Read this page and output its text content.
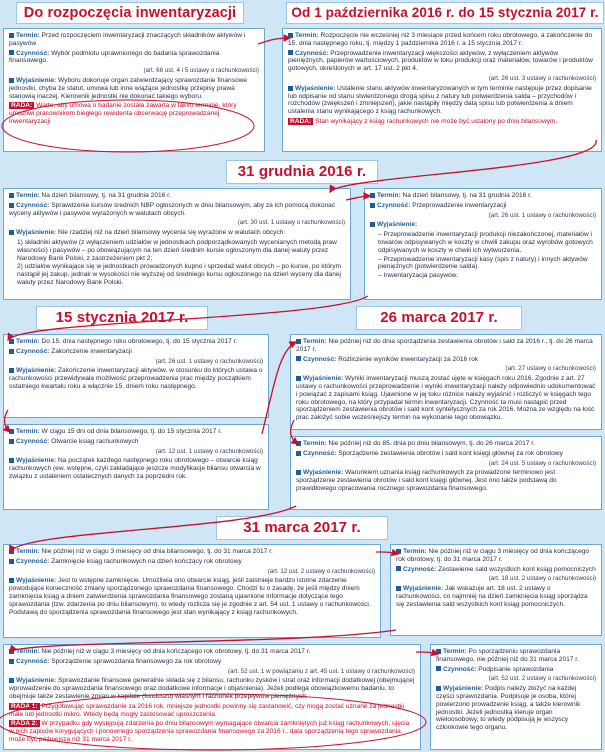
Do rozpoczęcia inwentaryzacji	Od 1 października 2016 r. do 15 stycznia 2017 r.
31 grudnia 2016 r.
15 stycznia 2017 r.	26 marca 2017 r.
31 marca 2017 r.
Termin: Przed rozpoczęciem inwentaryzacji znaczących składników aktywów i pasywów
Czynność: Wybór podmiotu uprawnionego do badania sprawozdania finansowego.
(art. 66 ust. 4 i 5 ustawy o rachunkowości)
Wyjaśnienie: Wyboru dokonuje organ zatwierdzający sprawozdanie finansowe jednostki, chyba że statut, umowa lub inne wiążące jednostkę przepisy prawa stanowią inaczej. Kierownik jednostki nie dokonać takiego wyboru.
RADA: Warto, aby umowa o badanie została zawarta w takim terminie, który umożliwi pracownikom biegłego rewidenta obserwację przeprowadzanej inwentaryzacji
Termin: Rozpoczęcie nie wcześniej niż 3 miesiące przed końcem roku obrotowego, a zakończenie do 15. dnia następnego roku, tj. między 1 października 2016 r. a 15 stycznia 2017 r.
Czynność: Przeprowadzenie inwentaryzacji większości aktywów, z wyłączeniem aktywów pieniężnych, papierów wartościowych, produktów w toku produkcji oraz materiałów, towarów i produktów gotowych, określonych w art. 17 ust. 2 pkt 4.
(art. 26 ust. 3 ustawy o rachunkowości)
Wyjaśnienie: Ustalenie stanu aktywów inwentaryzowanych w tym terminie następuje przez dopisanie lub odpisanie od stanu stwierdzonego drogą spisu z natury lub potwierdzenia salda – przychodów i rozchodów (zwiększeń i zmniejszeń), jakie nastąpiły między datą spisu lub potwierdzenia a dniem ustalenia stanu wynikającego z ksiąg rachunkowych.
RADA: Stan wynikający z ksiąg rachunkowych nie może być ustalony po dniu bilansowym.
Termin: Na dzień bilansowy, tj. na 31 grudnia 2016 r.
Czynność: Sprawdzenie kursów średnich NBP ogłoszonych w dniu bilansowym, aby za ich pomocą dokonać wyceny aktywów i pasywów wyrażonych w walutach obcych.
(art. 30 ust. 1 ustawy o rachunkowości)
Wyjaśnienie: Nie rzadziej niż na dzień bilansowy wycenia się wyrażone w walutach obcych:
1) składniki aktywów (z wyłączeniem udziałów w jednostkach podporządkowanych wycenianych metodą praw własności) i pasywów – po obowiązującym na ten dzień średnim kursie ogłoszonym dla danej waluty przez Narodowy Bank Polski, z zastrzeżeniem pkt 2;
2) udziałów wynikające się w jednostkach prowadzonych kupno i sprzedaż walut obcych – po kursie, po którym nastąpił jej zakup, jednak w wysokości nie wyższej od średniego kursu ogłoszonego na dzień wyceny dla danej waluty przez Narodowy Bank Polski.
Termin: Na dzień bilansowy, tj. na 31 grudnia 2016 r.
Czynność: Przeprowadzenie inwentaryzacji
(art. 26 ust. 1 ustawy o rachunkowości)
Wyjaśnienie:
– Przeprowadzenie inwentaryzacji produkcji niezakończonej, materiałów i towarów odpisywanych w koszty w chwili zakupu oraz wyrobów gotowych odpisywanych w koszty w chwili ich wytworzenia.
– Przeprowadzenie inwentaryzacji kasy (spis z natury) i innych aktywów pieniężnych (potwierdzenie salda).
– Inwentaryzacja pasywów.
Termin: Do 15. dnia następnego roku obrotowego, tj. do 15 stycznia 2017 r.
Czynność: Zakończenie inwentaryzacji
(art. 26 ust. 1 ustawy o rachunkowości)
Wyjaśnienie: Zakończenie inwentaryzacji aktywów, w stosunku do których ustawa o rachunkowości przewidywała możliwość przeprowadzenia prac między początkiem ostatniego kwartału roku a włącznie 15. dniem roku następnego.
Termin: W ciągu 15 dni od dnia bilansowego, tj. do 15 stycznia 2017 r.
Czynność: Otwarcie ksiąg rachunkowych
(art. 12 ust. 1 ustawy o rachunkowości)
Wyjaśnienie: Na początek każdego następnego roku obrotowego – otwarcie ksiąg rachunkowych (ew. wstępne, czyli zakładające jeszcze modyfikacje bilansu otwarcia w związku z ustaleniem ostatecznych danych za poprzedni rok.
Termin: Nie później niż do dnia sporządzenia zestawienia obrotów i sald za 2016 r., tj. do 26 marca 2017 r.
Czynność: Rozliczenie wyników inwentaryzacji za 2016 rok
(art. 27 ustawy o rachunkowości)
Wyjaśnienie: Wyniki inwentaryzacji muszą zostać ujęte w księgach roku 2016. Zgodnie z art. 27 ustawy o rachunkowości przeprowadzenie i wyniki inwentaryzacji należy odpowiednio udokumentować i powiązać z zapisami ksiąg. Ujawnione w jej toku różnice należy wyjaśnić i rozliczyć w księgach tego roku obrotowego, na który przypadał termin inwentaryzacji. Czynność ta musi nastąpić przed sporządzeniem zestawienia obrotów i sald kont syntetycznych za rok 2016. Można ze względu na łość prac założyć sobie wcześniejszy termin na wykonanie tego obowiązku.
Termin: Nie później niż do 85. dnia po dniu bilansowym, tj. do 26 marca 2017 r.
Czynność: Sporządzenie zestawienia obrotów i sald kont księgi głównej za rok obrotowy
(art. 24 ust. 5 ustawy o rachunkowości)
Wyjaśnienie: Warunkiem uznania ksiąg rachunkowych za prowadzone terminowo jest sporządzenie zestawienia obrotów i sald kont księgi głównej. Jest ono także podstawą do prawidłowego opracowania rocznego sprawozdania finansowego.
Termin: Nie później niż w ciągu 3 miesięcy od dnia bilansowego, tj. do 31 marca 2017 r.
Czynność: Zamknięcie ksiąg rachunkowych na dzień kończący rok obrotowy
(art. 12 ust. 2 ustawy o rachunkowości)
Wyjaśnienie: Jest to wstępne zamknięcie. Umożliwia ono otwarcie ksiąg, jeśli zaistnieje bardzo istotne zdarzenie powodujące konieczność zmiany sporządzonego sprawozdania finansowego. Chodzi tu o zasadę, że jeśli między dniem zamknięcia ksiąg a dniem zatwierdzenia sprawozdania finansowego zostaną ujawnione informacje dotyczące tego sprawozdania (tzw. zdarzenia po dniu bilansowym), to wtedy rozlicza się je zgodnie z art. 54 ust. 1 ustawy o rachunkowości. Podstawą do sporządzenia sprawozdania finansowego jest stan wynikający z ksiąg rachunkowych.
Termin: Nie później niż w ciągu 3 miesięcy od dnia kończącego rok obrotowy, tj. do 31 marca 2017 r.
Czynność: Zestawienie sald wszystkich kont ksiąg pomocniczych
(art. 18 ust. 2 ustawy o rachunkowości)
Wyjaśnienie: Jak wskazuje art. 18 ust. 2 ustawy o rachunkowości, co najmniej na dzień zamknięcia ksiąg sporządza się zestawienia sald wszystkich kont ksiąg pomocniczych.
Termin: Nie później niż w ciągu 3 miesięcy od dnia kończącego rok obrotowy, tj. do 31 marca 2017 r.
Czynność: Sporządzenie sprawozdania finansowego za rok obrotowy
(art. 52 ust. 1 w powiązaniu z art. 45 ust. 1 ustawy o rachunkowości)
Wyjaśnienie: Sprawozdanie finansowe generalnie składa się z bilansu, rachunku zysków i strat oraz informacji dodatkowej (obejmującej wprowadzenie do sprawozdania finansowego oraz dodatkowe informacje i objaśnienia). Jeżeli podlega obowiązkowemu badaniu, to obejmuje także zestawienie zmian w kapitale (funduszu) własnym i rachunek przepływów pieniężnych.
RADA 1: Przygotowując sprawozdanie za 2016 rok, mniejsze jednostki powinny się zastanowić, czy mogą zostać uznane za jednostki małe lub jednostki mikro. Wtedy będą mogły zastosować uproszczenia.
RADA 2: W przypadku gdy występują zdarzenia po dniu bilansowym wymagające otwarcia zamkniętych już ksiąg rachunkowych, ujęcia w nich zapisów korygujących i ponownego sporządzenia sprawozdania finansowego za 2016 r., data sporządzenia tego sprawozdania może być późniejsza niż 31 marca 2017 r.
Termin: Po sporządzeniu sprawozdania finansowego, nie później niż do 31 marca 2017 r.
Czynność: Podpisanie sprawozdania
(art. 52 ust. 2 ustawy o rachunkowości)
Wyjaśnienie: Podpis należy złożyć na każdej części sprawozdania. Podpisuje je osoba, której powierzono prowadzenie ksiąg, a także kierownik jednostki. Jeżeli jednostką kieruje organ wieloosobowy, to wtedy podpisują je wszyscy członkowie tego organu.
